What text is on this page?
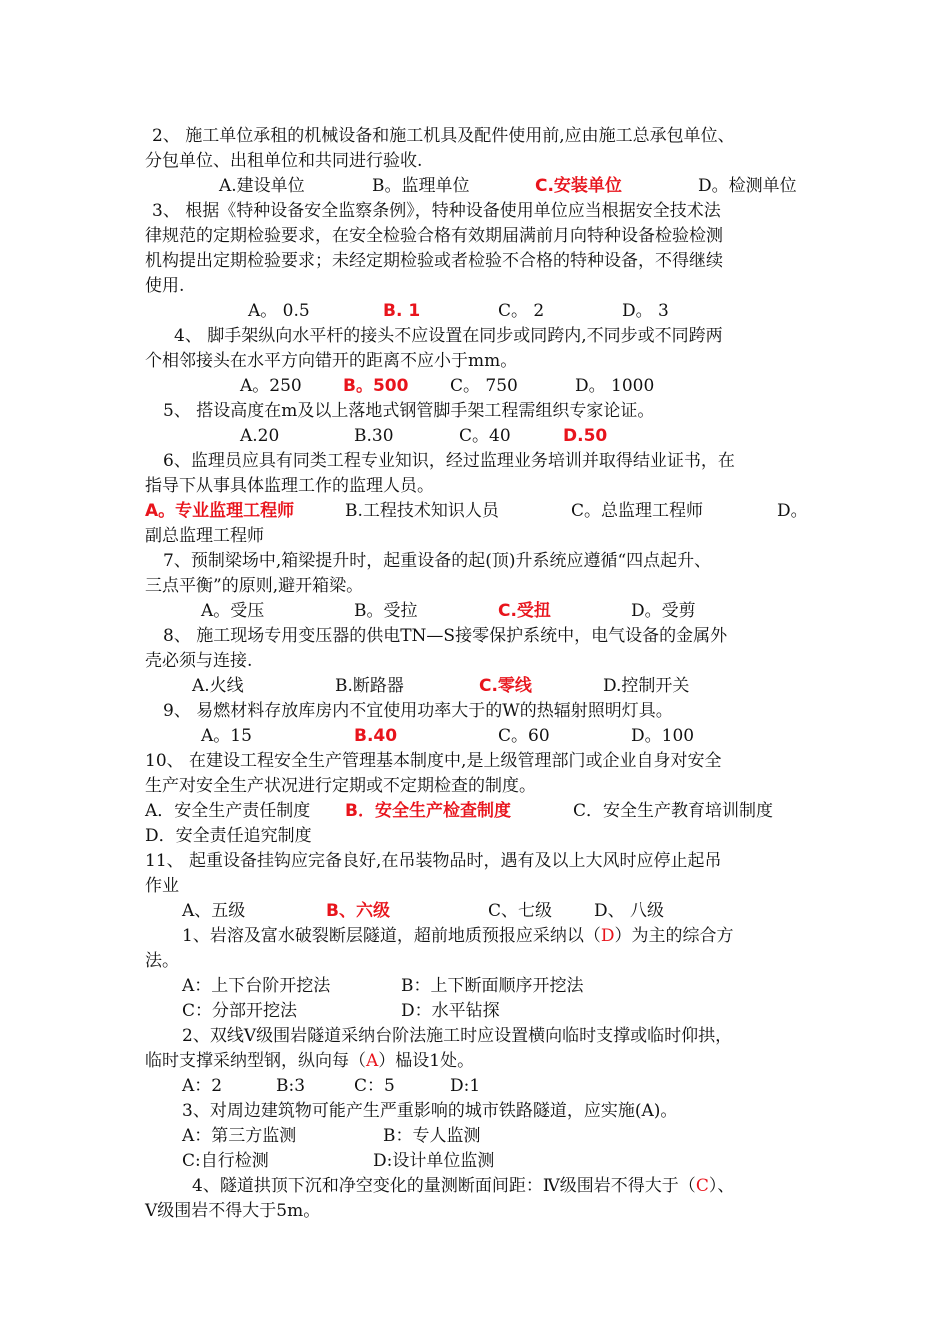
2、 施工单位承租的机械设备和施工机具及配件使用前,应由施工总承包单位、
分包单位、出租单位和共同进行验收.
A.建设单位	B。监理单位	C.安装单位	D。检测单位
3、 根据《特种设备安全监察条例》，特种设备使用单位应当根据安全技术法
律规范的定期检验要求，在安全检验合格有效期届满前月向特种设备检验检测
机构提出定期检验要求；未经定期检验或者检验不合格的特种设备，不得继续
使用.
A。 0.5	B. 1	C。 2	D。 3
4、 脚手架纵向水平杆的接头不应设置在同步或同跨内,不同步或不同跨两
个相邻接头在水平方向错开的距离不应小于mm。
A。250 B。500 C。 750	D。 1000
5、 搭设高度在m及以上落地式钢管脚手架工程需组织专家论证。
A.20	B.30	C。40	D.50
6、监理员应具有同类工程专业知识，经过监理业务培训并取得结业证书，在
指导下从事具体监理工作的监理人员。
A。专业监理工程师	B.工程技术知识人员	C。总监理工程师	D。
副总监理工程师
7、预制梁场中,箱梁提升时，起重设备的起(顶)升系统应遵循“四点起升、
三点平衡”的原则,避开箱梁。
A。受压	B。受拉	C.受扭	D。受剪
8、 施工现场专用变压器的供电TN—S接零保护系统中，电气设备的金属外
壳必须与连接.
A.火线	B.断路器	C.零线	D.控制开关
9、 易燃材料存放库房内不宜使用功率大于的W的热辐射照明灯具。
A。15	B.40	C。60	D。100
10、 在建设工程安全生产管理基本制度中,是上级管理部门或企业自身对安全
生产对安全生产状况进行定期或不定期检查的制度。
A．安全生产责任制度 B．安全生产检查制度	C．安全生产教育培训制度
D．安全责任追究制度
11、 起重设备挂钩应完备良好,在吊装物品时，遇有及以上大风时应停止起吊
作业
A、五级	B、六级	C、七级 D、 八级
1、岩溶及富水破裂断层隧道，超前地质预报应采纳以（D）为主的综合方
法。
A：上下台阶开挖法	B：上下断面顺序开挖法
C：分部开挖法	D：水平钻探
2、双线Ⅴ级围岩隧道采纳台阶法施工时应设置横向临时支撑或临时仰拱，
临时支撑采纳型钢，纵向每（A）榀设1处。
A：2	B:3	C：5	D:1
3、对周边建筑物可能产生严重影响的城市铁路隧道，应实施(A)。
A：第三方监测	B：专人监测
C:自行检测	D:设计单位监测
4、隧道拱顶下沉和净空变化的量测断面间距：Ⅳ级围岩不得大于（C）、
Ⅴ级围岩不得大于5m。
